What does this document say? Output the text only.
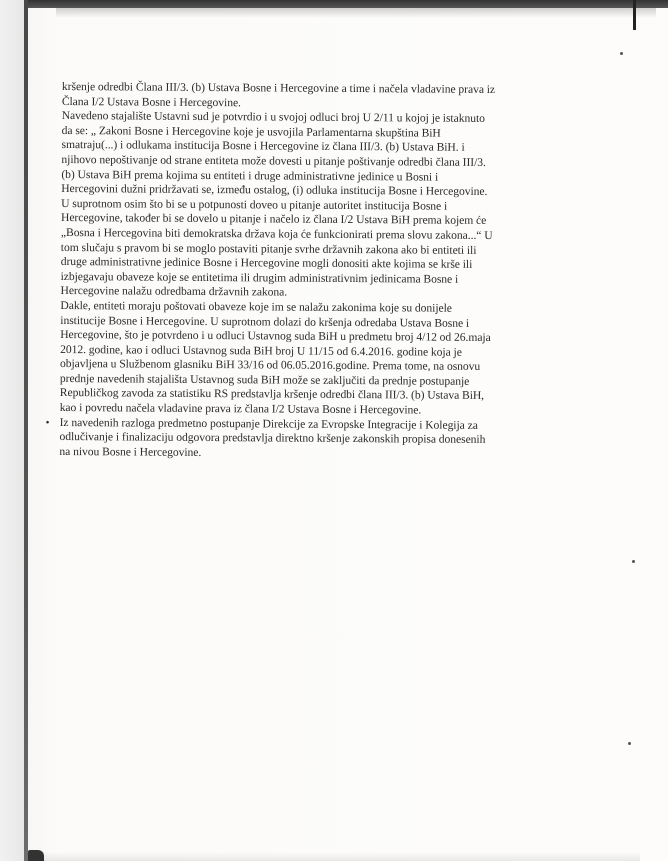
kršenje odredbi Člana III/3. (b) Ustava Bosne i Hercegovine a time i načela vladavine prava iz

Člana I/2 Ustava Bosne i Hercegovine.

Navedeno stajalište Ustavni sud je potvrdio i u svojoj odluci broj U 2/11 u kojoj je istaknuto

da se: „ Zakoni Bosne i Hercegovine koje je usvojila Parlamentarna skupština BiH

smatraju(...) i odlukama institucija Bosne i Hercegovine iz člana III/3. (b) Ustava BiH. i

njihovo nepoštivanje od strane entiteta može dovesti u pitanje poštivanje odredbi člana III/3.

(b) Ustava BiH prema kojima su entiteti i druge administrativne jedinice u Bosni i

Hercegovini dužni pridržavati se, između ostalog, (i) odluka institucija Bosne i Hercegovine.

U suprotnom osim što bi se u potpunosti doveo u pitanje autoritet institucija Bosne i

Hercegovine, također bi se dovelo u pitanje i načelo iz člana I/2 Ustava BiH prema kojem će

„Bosna i Hercegovina biti demokratska država koja će funkcionirati prema slovu zakona...“ U

tom slučaju s pravom bi se moglo postaviti pitanje svrhe državnih zakona ako bi entiteti ili

druge administrativne jedinice Bosne i Hercegovine mogli donositi akte kojima se krše ili

izbjegavaju obaveze koje se entitetima ili drugim administrativnim jedinicama Bosne i

Hercegovine nalažu odredbama državnih zakona.

Dakle, entiteti moraju poštovati obaveze koje im se nalažu zakonima koje su donijele

institucije Bosne i Hercegovine. U suprotnom dolazi do kršenja odredaba Ustava Bosne i

Hercegovine, što je potvrdeno i u odluci Ustavnog suda BiH u predmetu broj 4/12 od 26.maja

2012. godine, kao i odluci Ustavnog suda BiH broj U 11/15 od 6.4.2016. godine koja je

objavljena u Službenom glasniku BiH 33/16 od 06.05.2016.godine. Prema tome, na osnovu

prednje navedenih stajališta Ustavnog suda BiH može se zaključiti da prednje postupanje

Republičkog zavoda za statistiku RS predstavlja kršenje odredbi člana III/3. (b) Ustava BiH,

kao i povredu načela vladavine prava iz člana I/2 Ustava Bosne i Hercegovine.

• Iz navedenih razloga predmetno postupanje Direkcije za Evropske Integracije i Kolegija za

odlučivanje i finalizaciju odgovora predstavlja direktno kršenje zakonskih propisa donesenih

na nivou Bosne i Hercegovine.
